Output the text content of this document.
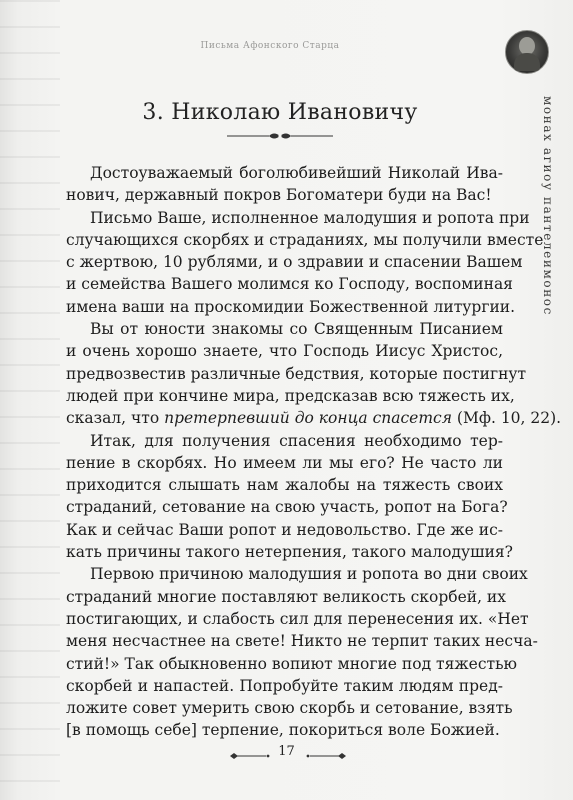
Письма Афонского Старца
монах агиоу пантелеимонос
3. Николаю Ивановичу
Достоуважаемый боголюбивейший Николай Ива-
нович, державный покров Богоматери буди на Вас!
Письмо Ваше, исполненное малодушия и ропота при
случающихся скорбях и страданиях, мы получили вместе
с жертвою, 10 рублями, и о здравии и спасении Вашем
и семейства Вашего молимся ко Господу, воспоминая
имена ваши на проскомидии Божественной литургии.
Вы от юности знакомы со Священным Писанием
и очень хорошо знаете, что Господь Иисус Христос,
предвозвестив различные бедствия, которые постигнут
людей при кончине мира, предсказав всю тяжесть их,
сказал, что претерпевший до конца спасется (Мф. 10, 22).
Итак, для получения спасения необходимо тер-
пение в скорбях. Но имеем ли мы его? Не часто ли
приходится слышать нам жалобы на тяжесть своих
страданий, сетование на свою участь, ропот на Бога?
Как и сейчас Ваши ропот и недовольство. Где же ис-
кать причины такого нетерпения, такого малодушия?
Первою причиною малодушия и ропота во дни своих
страданий многие поставляют великость скорбей, их
постигающих, и слабость сил для перенесения их. «Нет
меня несчастнее на свете! Никто не терпит таких несча-
стий!» Так обыкновенно вопиют многие под тяжестью
скорбей и напастей. Попробуйте таким людям пред-
ложите совет умерить свою скорбь и сетование, взять
[в помощь себе] терпение, покориться воле Божией.
17
